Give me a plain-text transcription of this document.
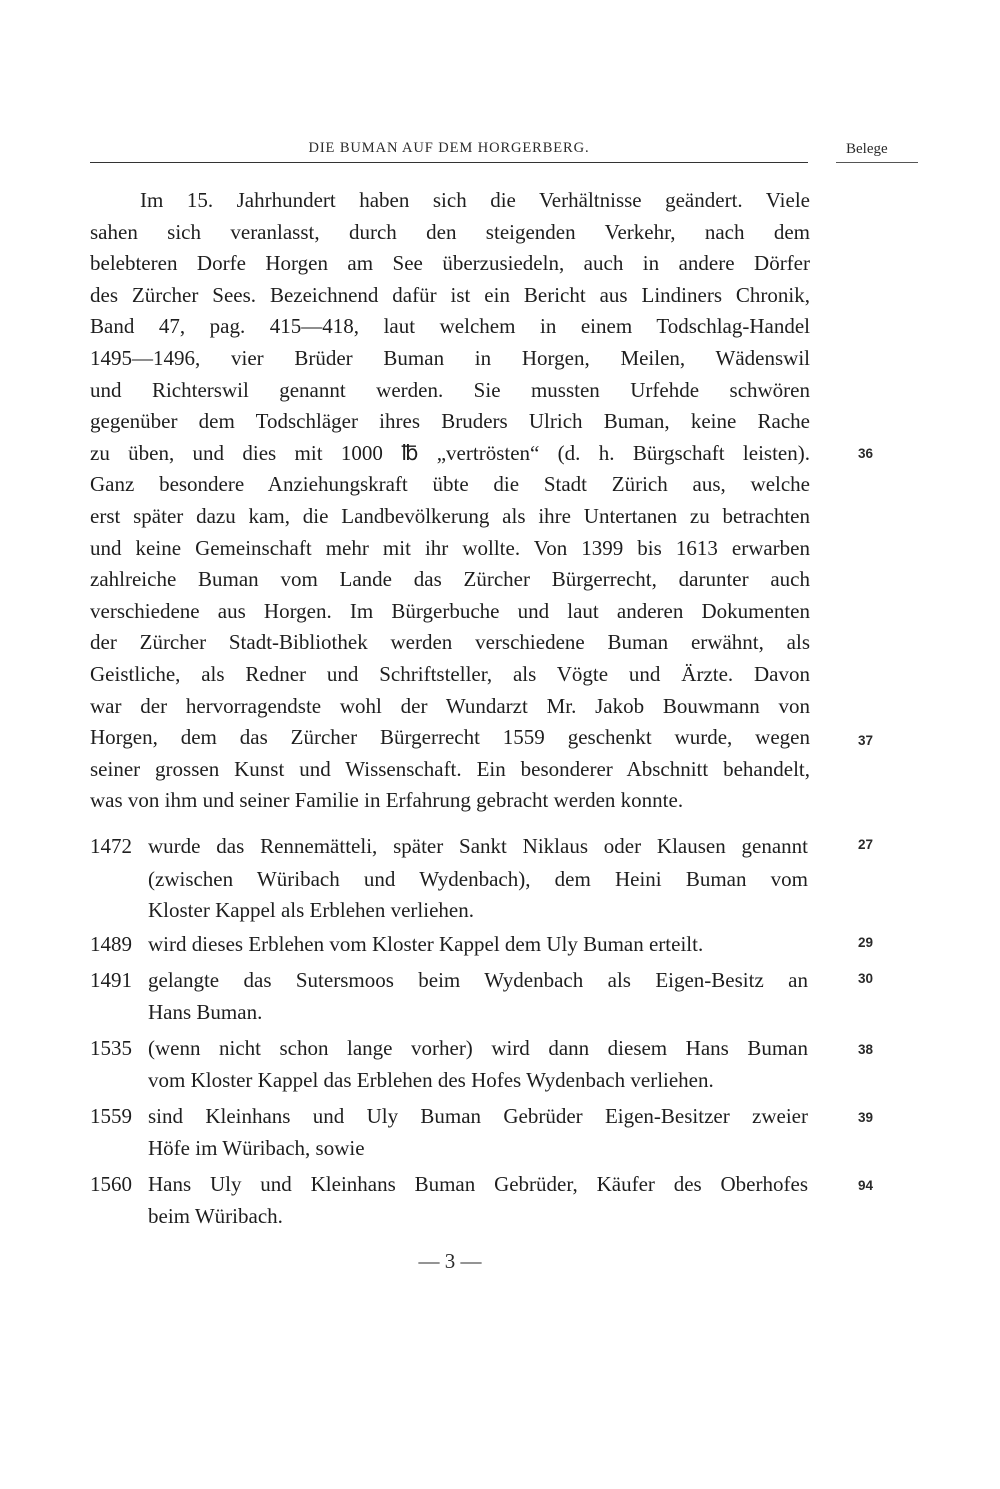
DIE BUMAN AUF DEM HORGERBERG.	Belege
Im 15. Jahrhundert haben sich die Verhältnisse geändert. Viele
sahen sich veranlasst, durch den steigenden Verkehr, nach dem
belebteren Dorfe Horgen am See überzusiedeln, auch in andere Dörfer
des Zürcher Sees. Bezeichnend dafür ist ein Bericht aus Lindiners Chronik,
Band 47, pag. 415—418, laut welchem in einem Todschlag-Handel
1495—1496, vier Brüder Buman in Horgen, Meilen, Wädenswil
und Richterswil genannt werden. Sie mussten Urfehde schwören
gegenüber dem Todschläger ihres Bruders Ulrich Buman, keine Rache
zu üben, und dies mit 1000 ℔ „vertrösten“ (d. h. Bürgschaft leisten).
Ganz besondere Anziehungskraft übte die Stadt Zürich aus, welche
erst später dazu kam, die Landbevölkerung als ihre Untertanen zu betrachten
und keine Gemeinschaft mehr mit ihr wollte. Von 1399 bis 1613 erwarben
zahlreiche Buman vom Lande das Zürcher Bürgerrecht, darunter auch
verschiedene aus Horgen. Im Bürgerbuche und laut anderen Dokumenten
der Zürcher Stadt-Bibliothek werden verschiedene Buman erwähnt, als
Geistliche, als Redner und Schriftsteller, als Vögte und Ärzte. Davon
war der hervorragendste wohl der Wundarzt Mr. Jakob Bouwmann von
Horgen, dem das Zürcher Bürgerrecht 1559 geschenkt wurde, wegen
seiner grossen Kunst und Wissenschaft. Ein besonderer Abschnitt behandelt,
was von ihm und seiner Familie in Erfahrung gebracht werden konnte.
36
37
1472 wurde das Rennemätteli, später Sankt Niklaus oder Klausen genannt
(zwischen Würibach und Wydenbach), dem Heini Buman vom
Kloster Kappel als Erblehen verliehen.
27
1489 wird dieses Erblehen vom Kloster Kappel dem Uly Buman erteilt.	29
1491 gelangte das Sutersmoos beim Wydenbach als Eigen-Besitz an
Hans Buman.
30
1535 (wenn nicht schon lange vorher) wird dann diesem Hans Buman
vom Kloster Kappel das Erblehen des Hofes Wydenbach verliehen.
38
1559 sind Kleinhans und Uly Buman Gebrüder Eigen-Besitzer zweier
Höfe im Würibach, sowie
39
1560 Hans Uly und Kleinhans Buman Gebrüder, Käufer des Oberhofes
beim Würibach.
94
— 3 —
